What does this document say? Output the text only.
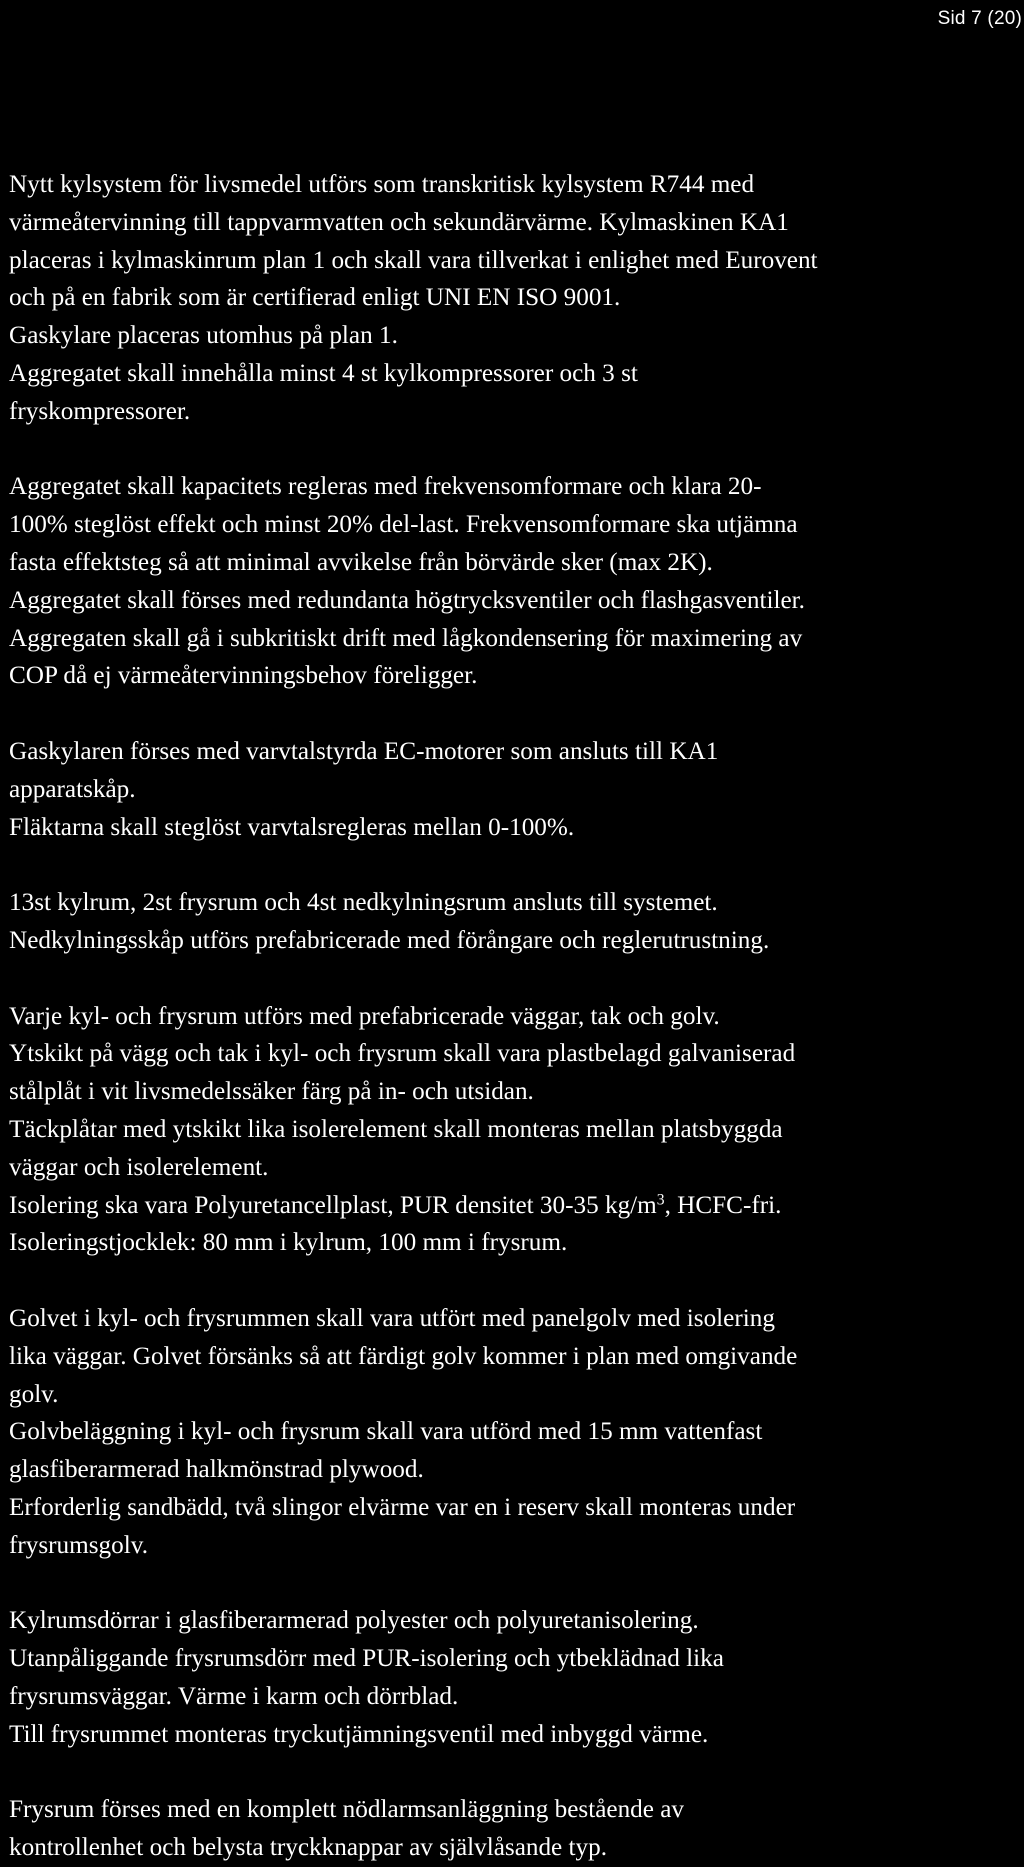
Sid 7 (20)
Nytt kylsystem för livsmedel utförs som transkritisk kylsystem R744 med
värmeåtervinning till tappvarmvatten och sekundärvärme. Kylmaskinen KA1
placeras i kylmaskinrum plan 1 och skall vara tillverkat i enlighet med Eurovent
och på en fabrik som är certifierad enligt UNI EN ISO 9001.
Gaskylare placeras utomhus på plan 1.
Aggregatet skall innehålla minst 4 st kylkompressorer och 3 st
fryskompressorer.
Aggregatet skall kapacitets regleras med frekvensomformare och klara 20-
100% steglöst effekt och minst 20% del-last. Frekvensomformare ska utjämna
fasta effektsteg så att minimal avvikelse från börvärde sker (max 2K).
Aggregatet skall förses med redundanta högtrycksventiler och flashgasventiler.
Aggregaten skall gå i subkritiskt drift med lågkondensering för maximering av
COP då ej värmeåtervinningsbehov föreligger.
Gaskylaren förses med varvtalstyrda EC-motorer som ansluts till KA1
apparatskåp.
Fläktarna skall steglöst varvtalsregleras mellan 0-100%.
13st kylrum, 2st frysrum och 4st nedkylningsrum ansluts till systemet.
Nedkylningsskåp utförs prefabricerade med förångare och reglerutrustning.
Varje kyl- och frysrum utförs med prefabricerade väggar, tak och golv.
Ytskikt på vägg och tak i kyl- och frysrum skall vara plastbelagd galvaniserad
stålplåt i vit livsmedelssäker färg på in- och utsidan.
Täckplåtar med ytskikt lika isolerelement skall monteras mellan platsbyggda
väggar och isolerelement.
Isolering ska vara Polyuretancellplast, PUR densitet 30-35 $kg/m^3$, HCFC-fri.
Isoleringstjocklek: 80 mm i kylrum, 100 mm i frysrum.
Golvet i kyl- och frysrummen skall vara utfört med panelgolv med isolering
lika väggar. Golvet försänks så att färdigt golv kommer i plan med omgivande
golv.
Golvbeläggning i kyl- och frysrum skall vara utförd med 15 mm vattenfast
glasfiberarmerad halkmönstrad plywood.
Erforderlig sandbädd, två slingor elvärme var en i reserv skall monteras under
frysrumsgolv.
Kylrumsdörrar i glasfiberarmerad polyester och polyuretanisolering.
Utanpåliggande frysrumsdörr med PUR-isolering och ytbeklädnad lika
frysrumsväggar. Värme i karm och dörrblad.
Till frysrummet monteras tryckutjämningsventil med inbyggd värme.
Frysrum förses med en komplett nödlarmsanläggning bestående av
kontrollenhet och belysta tryckknappar av självlåsande typ.
